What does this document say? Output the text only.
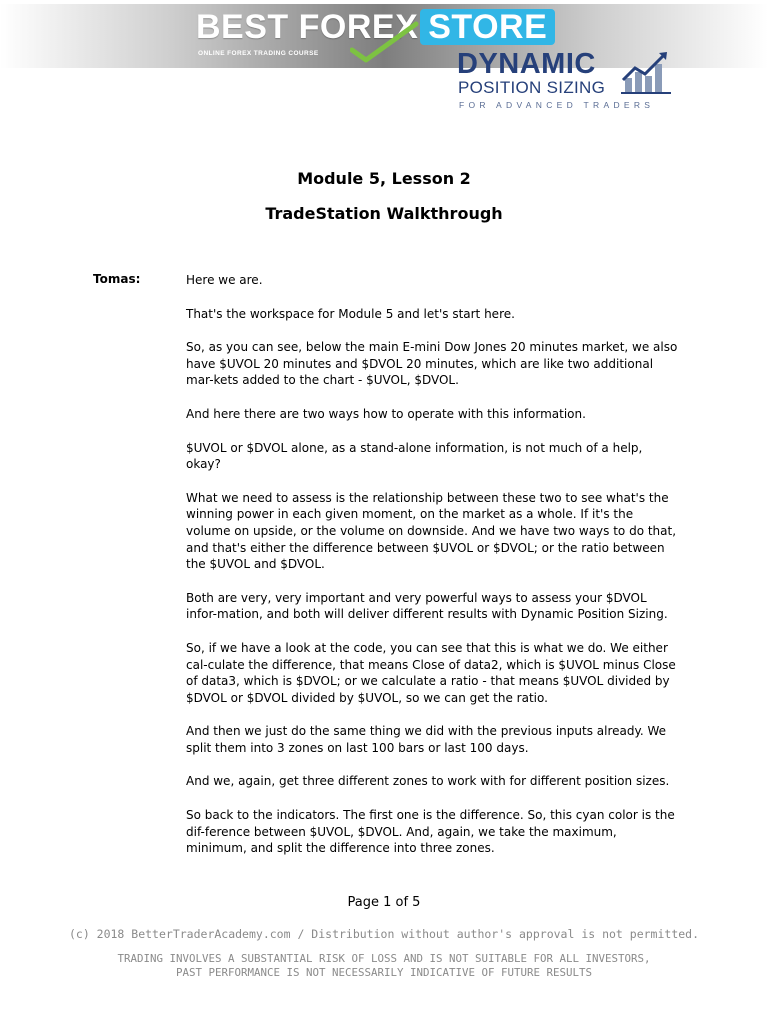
BEST FOREX STORE
ONLINE FOREX TRADING COURSE	DYNAMIC
POSITION SIZING
FOR ADVANCED TRADERS
Module 5, Lesson 2
TradeStation Walkthrough
Tomas:	Here we are.

That's the workspace for Module 5 and let's start here.

So, as you can see, below the main E-mini Dow Jones 20 minutes market, we also have $UVOL 20 minutes and $DVOL 20 minutes, which are like two additional mar-kets added to the chart - $UVOL, $DVOL.

And here there are two ways how to operate with this information.

$UVOL or $DVOL alone, as a stand-alone information, is not much of a help, okay?

What we need to assess is the relationship between these two to see what's the winning power in each given moment, on the market as a whole. If it's the volume on upside, or the volume on downside. And we have two ways to do that, and that's either the difference between $UVOL or $DVOL; or the ratio between the $UVOL and $DVOL.

Both are very, very important and very powerful ways to assess your $DVOL infor-mation, and both will deliver different results with Dynamic Position Sizing.

So, if we have a look at the code, you can see that this is what we do. We either cal-culate the difference, that means Close of data2, which is $UVOL minus Close of data3, which is $DVOL; or we calculate a ratio - that means $UVOL divided by $DVOL or $DVOL divided by $UVOL, so we can get the ratio.

And then we just do the same thing we did with the previous inputs already. We split them into 3 zones on last 100 bars or last 100 days.

And we, again, get three different zones to work with for different position sizes.

So back to the indicators. The first one is the difference. So, this cyan color is the dif-ference between $UVOL, $DVOL. And, again, we take the maximum, minimum, and split the difference into three zones.

Page 1 of 5
(c) 2018 BetterTraderAcademy.com / Distribution without author's approval is not permitted.
TRADING INVOLVES A SUBSTANTIAL RISK OF LOSS AND IS NOT SUITABLE FOR ALL INVESTORS,
PAST PERFORMANCE IS NOT NECESSARILY INDICATIVE OF FUTURE RESULTS
